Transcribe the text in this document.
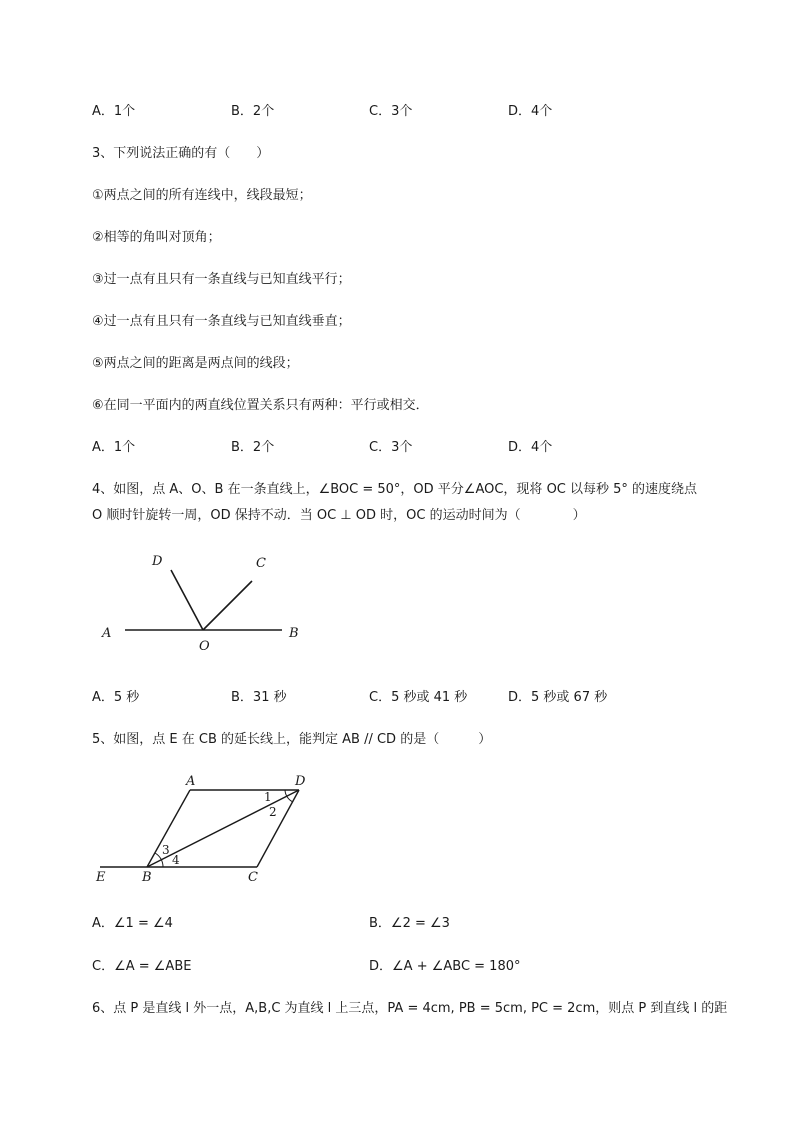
A．1个	B．2个	C．3个	D．4个
3、下列说法正确的有（　　）
①两点之间的所有连线中，线段最短；
②相等的角叫对顶角；
③过一点有且只有一条直线与已知直线平行；
④过一点有且只有一条直线与已知直线垂直；
⑤两点之间的距离是两点间的线段；
⑥在同一平面内的两直线位置关系只有两种：平行或相交．
A．1个	B．2个	C．3个	D．4个
4、如图，点 A、O、B 在一条直线上，∠BOC = 50°，OD 平分∠AOC，现将 OC 以每秒 5° 的速度绕点
O 顺时针旋转一周，OD 保持不动．当 OC ⊥ OD 时，OC 的运动时间为（　　　　）
A	B
O
D	C
A．5 秒	B．31 秒	C．5 秒或 41 秒	D．5 秒或 67 秒
5、如图，点 E 在 CB 的延长线上，能判定 AB // CD 的是（　　　）
A	D
B	C
E
1
2
3
4
A．∠1 = ∠4	B．∠2 = ∠3
C．∠A = ∠ABE	D．∠A + ∠ABC = 180°
6、点 P 是直线 l 外一点，A,B,C 为直线 l 上三点，PA = 4cm, PB = 5cm, PC = 2cm，则点 P 到直线 l 的距
